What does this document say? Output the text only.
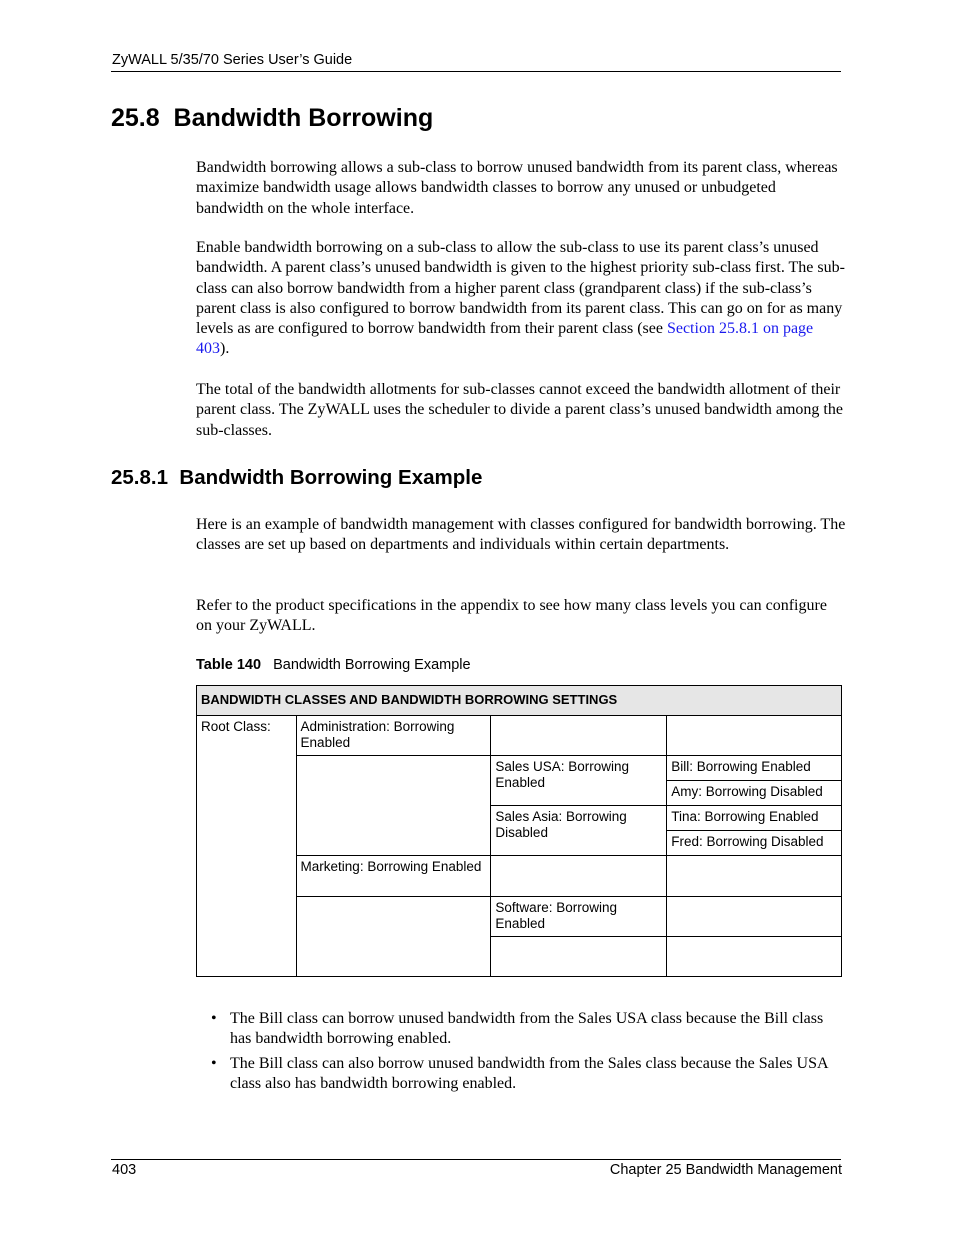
ZyWALL 5/35/70 Series User’s Guide
25.8  Bandwidth Borrowing

Bandwidth borrowing allows a sub-class to borrow unused bandwidth from its parent class, whereas maximize bandwidth usage allows bandwidth classes to borrow any unused or unbudgeted bandwidth on the whole interface.

Enable bandwidth borrowing on a sub-class to allow the sub-class to use its parent class’s unused bandwidth. A parent class’s unused bandwidth is given to the highest priority sub-class first. The sub-class can also borrow bandwidth from a higher parent class (grandparent class) if the sub-class’s parent class is also configured to borrow bandwidth from its parent class. This can go on for as many levels as are configured to borrow bandwidth from their parent class (see Section 25.8.1 on page 403).

The total of the bandwidth allotments for sub-classes cannot exceed the bandwidth allotment of their parent class. The ZyWALL uses the scheduler to divide a parent class’s unused bandwidth among the sub-classes.

25.8.1  Bandwidth Borrowing Example

Here is an example of bandwidth management with classes configured for bandwidth borrowing. The classes are set up based on departments and individuals within certain departments.

Refer to the product specifications in the appendix to see how many class levels you can configure on your ZyWALL.

Table 140 Bandwidth Borrowing Example
BANDWIDTH CLASSES AND BANDWIDTH BORROWING SETTINGS			
Root Class:	Administration: Borrowing Enabled		
		Sales USA: Borrowing Enabled	Bill: Borrowing Enabled
			Amy: Borrowing Disabled
		Sales Asia: Borrowing Disabled	Tina: Borrowing Enabled
			Fred: Borrowing Disabled
	Marketing: Borrowing Enabled		
		Software: Borrowing Enabled	

• The Bill class can borrow unused bandwidth from the Sales USA class because the Bill class has bandwidth borrowing enabled.
• The Bill class can also borrow unused bandwidth from the Sales class because the Sales USA class also has bandwidth borrowing enabled.
403	Chapter 25 Bandwidth Management
